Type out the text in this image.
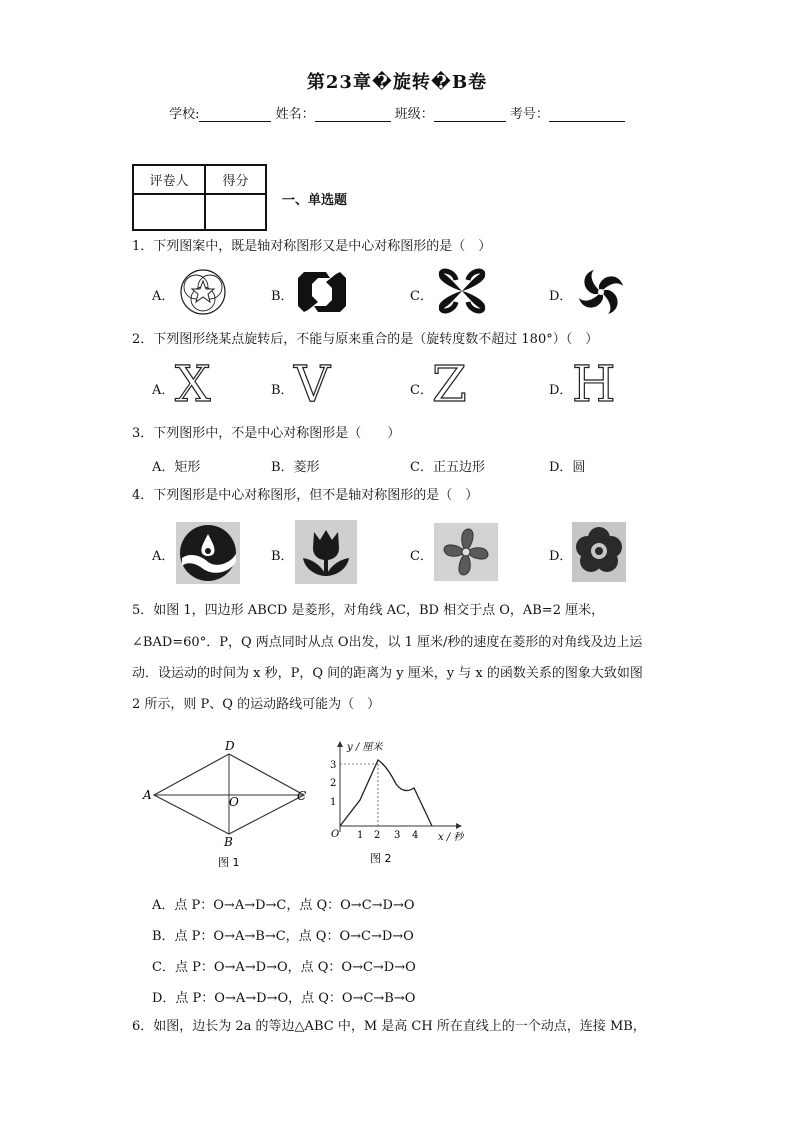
第23章�旋转�B卷
学校:	姓名：	班级：	考号：
评卷人	得分

一、单选题
1．下列图案中，既是轴对称图形又是中心对称图形的是（　）
A．	B．	C．	D．
2．下列图形绕某点旋转后，不能与原来重合的是（旋转度数不超过 180°）（　）
A．	B．	C．	D．
X V Z H
3．下列图形中，不是中心对称图形是（　　）
A．矩形	B．菱形	C．正五边形	D．圆
4．下列图形是中心对称图形，但不是轴对称图形的是（　）
A．	B．	C．	D．
5．如图 1，四边形 ABCD 是菱形，对角线 AC，BD 相交于点 O，AB=2 厘米，
∠BAD=60°．P，Q 两点同时从点 O出发，以 1 厘米/秒的速度在菱形的对角线及边上运
动．设运动的时间为 x 秒，P，Q 间的距离为 y 厘米，y 与 x 的函数关系的图象大致如图
2 所示，则 P、Q 的运动路线可能为（　）
A
D
C
B
O
图 1
y / 厘米
x / 秒
O 1 2 3 4
1
2
3
图 2
A．点 P：O→A→D→C，点 Q：O→C→D→O
B．点 P：O→A→B→C，点 Q：O→C→D→O
C．点 P：O→A→D→O，点 Q：O→C→D→O
D．点 P：O→A→D→O，点 Q：O→C→B→O
6．如图，边长为 2a 的等边△ABC 中，M 是高 CH 所在直线上的一个动点，连接 MB，
